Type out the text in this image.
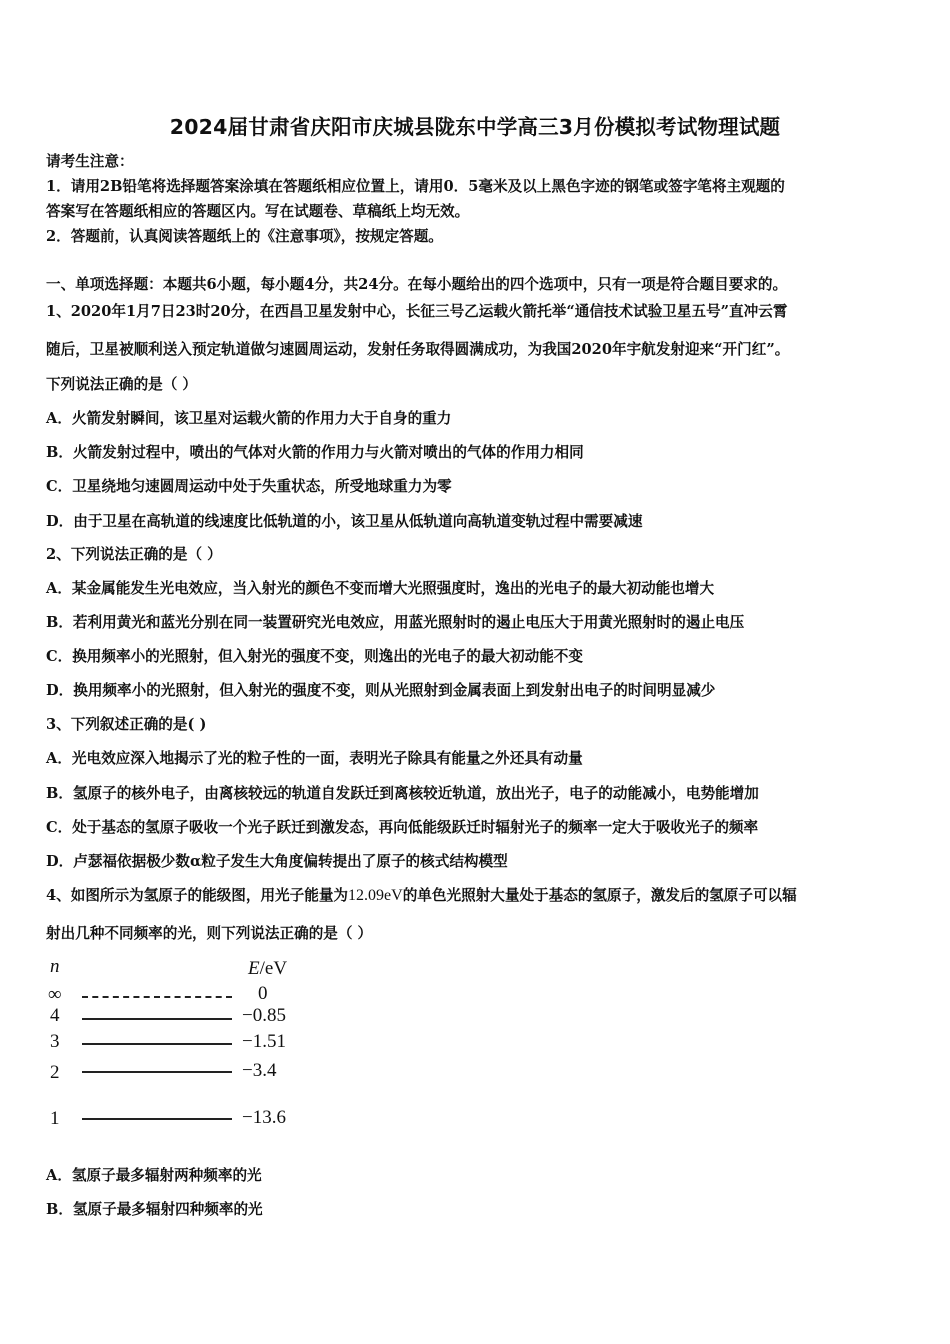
2024届甘肃省庆阳市庆城县陇东中学高三3月份模拟考试物理试题
请考生注意：
1．请用2B铅笔将选择题答案涂填在答题纸相应位置上，请用0．5毫米及以上黑色字迹的钢笔或签字笔将主观题的
答案写在答题纸相应的答题区内。写在试题卷、草稿纸上均无效。
2．答题前，认真阅读答题纸上的《注意事项》，按规定答题。
一、单项选择题：本题共6小题，每小题4分，共24分。在每小题给出的四个选项中，只有一项是符合题目要求的。
1、2020年1月7日23时20分，在西昌卫星发射中心，长征三号乙运载火箭托举“通信技术试验卫星五号”直冲云霄
随后，卫星被顺利送入预定轨道做匀速圆周运动，发射任务取得圆满成功，为我国2020年宇航发射迎来“开门红”。
下列说法正确的是（ ）
A．火箭发射瞬间，该卫星对运载火箭的作用力大于自身的重力
B．火箭发射过程中，喷出的气体对火箭的作用力与火箭对喷出的气体的作用力相同
C．卫星绕地匀速圆周运动中处于失重状态，所受地球重力为零
D．由于卫星在高轨道的线速度比低轨道的小，该卫星从低轨道向高轨道变轨过程中需要减速
2、下列说法正确的是（ ）
A．某金属能发生光电效应，当入射光的颜色不变而增大光照强度时，逸出的光电子的最大初动能也增大
B．若利用黄光和蓝光分别在同一装置研究光电效应，用蓝光照射时的遏止电压大于用黄光照射时的遏止电压
C．换用频率小的光照射，但入射光的强度不变，则逸出的光电子的最大初动能不变
D．换用频率小的光照射，但入射光的强度不变，则从光照射到金属表面上到发射出电子的时间明显减少
3、下列叙述正确的是( )
A．光电效应深入地揭示了光的粒子性的一面，表明光子除具有能量之外还具有动量
B．氢原子的核外电子，由离核较远的轨道自发跃迁到离核较近轨道，放出光子，电子的动能减小，电势能增加
C．处于基态的氢原子吸收一个光子跃迁到激发态，再向低能级跃迁时辐射光子的频率一定大于吸收光子的频率
D．卢瑟福依据极少数α粒子发生大角度偏转提出了原子的核式结构模型
4、如图所示为氢原子的能级图，用光子能量为12.09eV的单色光照射大量处于基态的氢原子，激发后的氢原子可以辐
射出几种不同频率的光，则下列说法正确的是（ ）
n	E/eV
∞	0
4	−0.85
3	−1.51
2	−3.4
1	−13.6
A．氢原子最多辐射两种频率的光
B．氢原子最多辐射四种频率的光
